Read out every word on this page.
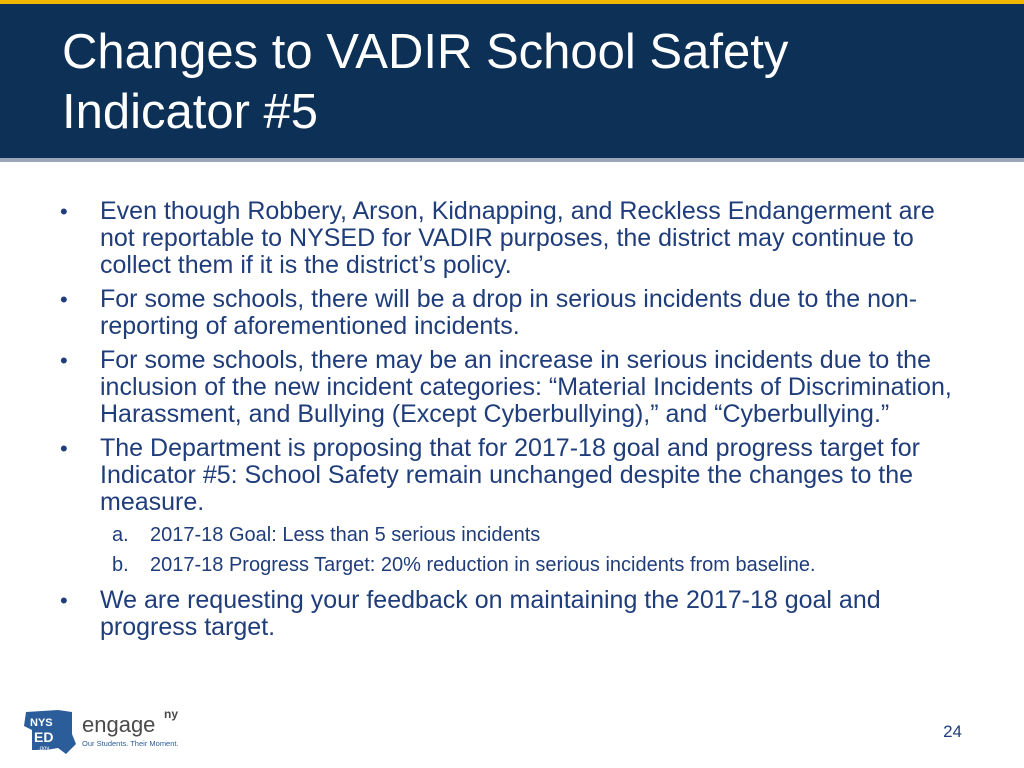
Changes to VADIR School Safety Indicator #5
• Even though Robbery, Arson, Kidnapping, and Reckless Endangerment are not reportable to NYSED for VADIR purposes, the district may continue to collect them if it is the district’s policy.
• For some schools, there will be a drop in serious incidents due to the non-reporting of aforementioned incidents.
• For some schools, there may be an increase in serious incidents due to the inclusion of the new incident categories: “Material Incidents of Discrimination, Harassment, and Bullying (Except Cyberbullying),” and “Cyberbullying.”
• The Department is proposing that for 2017-18 goal and progress target for Indicator #5: School Safety remain unchanged despite the changes to the measure.
a. 2017-18 Goal: Less than 5 serious incidents
b. 2017-18 Progress Target: 20% reduction in serious incidents from baseline.
• We are requesting your feedback on maintaining the 2017-18 goal and progress target.
NYS
ED
.gov
engage ny
Our Students. Their Moment.
24
